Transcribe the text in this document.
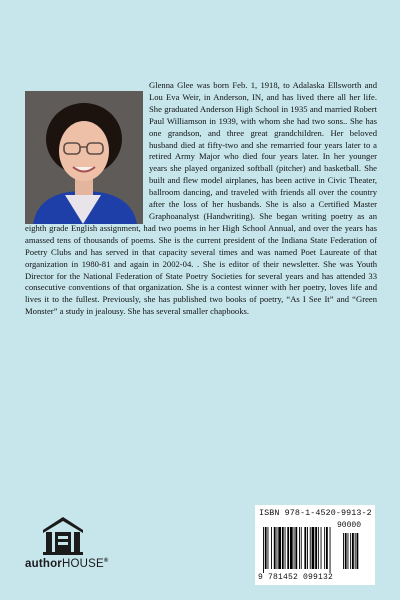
Glenna Glee was born Feb. 1, 1918, to Adalaska Ellsworth and Lou Eva Weir, in Anderson, IN, and has lived there all her life. She graduated Anderson High School in 1935 and married Robert Paul Williamson in 1939, with whom she had two sons.. She has one grandson, and three great grandchildren. Her beloved husband died at fifty-two and she remarried four years later to a retired Army Major who died four years later. In her younger years she played organized softball (pitcher) and basketball. She built and flew model airplanes, has been active in Civic Theater, ballroom dancing, and traveled with friends all over the country after the loss of her husbands. She is also a Certified Master Graphoanalyst (Handwriting). She began writing poetry as an eighth grade English assignment, had two poems in her High School Annual, and over the years has amassed tens of thousands of poems. She is the current president of the Indiana State Federation of Poetry Clubs and has served in that capacity several times and was named Poet Laureate of that organization in 1980-81 and again in 2002-04. . She is editor of their newsletter. She was Youth Director for the National Federation of State Poetry Societies for several years and has attended 33 consecutive conventions of that organization. She is a contest winner with her poetry, loves life and lives it to the fullest. Previously, she has published two books of poetry, “As I See It” and “Green Monster” a study in jealousy. She has several smaller chapbooks.

authorHOUSE®
ISBN 978-1-4520-9913-2
90000
9 781452 099132
